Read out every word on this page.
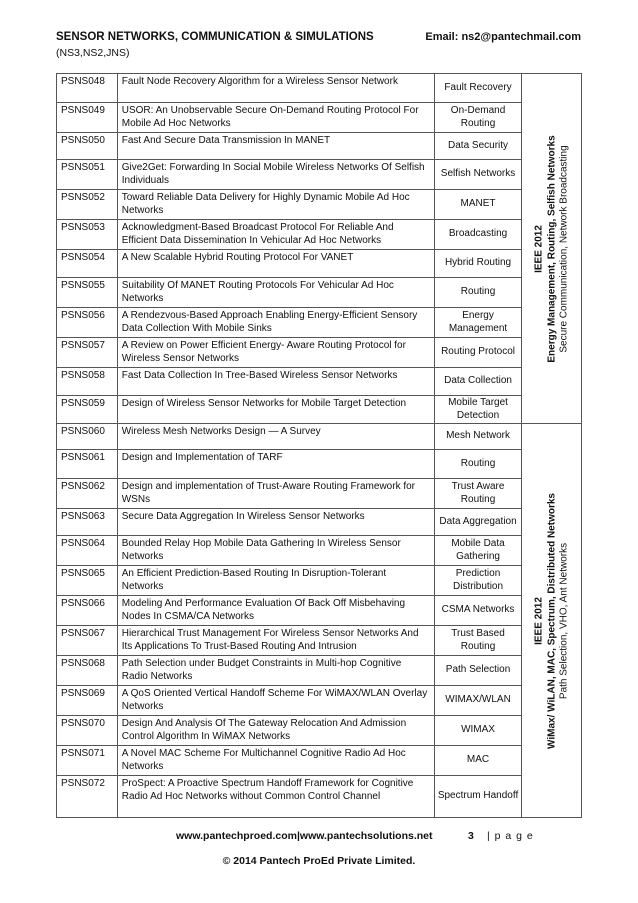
SENSOR NETWORKS, COMMUNICATION & SIMULATIONS	Email: ns2@pantechmail.com
(NS3,NS2,JNS)
PSNS048	Fault Node Recovery Algorithm for a Wireless Sensor Network	Fault Recovery	IEEE 2012 Energy Management, Routing, Selfish Networks Secure Communication, Network Broadcasting

PSNS049	USOR: An Unobservable Secure On-Demand Routing Protocol For Mobile Ad Hoc Networks	On-Demand Routing	
PSNS050	Fast And Secure Data Transmission In MANET	Data Security	
PSNS051	Give2Get: Forwarding In Social Mobile Wireless Networks Of Selfish Individuals	Selfish Networks	
PSNS052	Toward Reliable Data Delivery for Highly Dynamic Mobile Ad Hoc Networks	MANET	
PSNS053	Acknowledgment-Based Broadcast Protocol For Reliable And Efficient Data Dissemination In Vehicular Ad Hoc Networks	Broadcasting	
PSNS054	A New Scalable Hybrid Routing Protocol For VANET	Hybrid Routing	
PSNS055	Suitability Of MANET Routing Protocols For Vehicular Ad Hoc Networks	Routing	
PSNS056	A Rendezvous-Based Approach Enabling Energy-Efficient Sensory Data Collection With Mobile Sinks	Energy Management	
PSNS057	A Review on Power Efficient Energy- Aware Routing Protocol for Wireless Sensor Networks	Routing Protocol	
PSNS058	Fast Data Collection In Tree-Based Wireless Sensor Networks	Data Collection	
PSNS059	Design of Wireless Sensor Networks for Mobile Target Detection	Mobile Target Detection	
PSNS060	Wireless Mesh Networks Design — A Survey	Mesh Network	IEEE 2012 WiMax/ WiLAN, MAC, Spectrum, Distributed Networks Path Selection, VHO, Ant Networks

PSNS061	Design and Implementation of TARF	Routing	
PSNS062	Design and implementation of Trust-Aware Routing Framework for WSNs	Trust Aware Routing	
PSNS063	Secure Data Aggregation In Wireless Sensor Networks	Data Aggregation	
PSNS064	Bounded Relay Hop Mobile Data Gathering In Wireless Sensor Networks	Mobile Data Gathering	
PSNS065	An Efficient Prediction-Based Routing In Disruption-Tolerant Networks	Prediction Distribution	
PSNS066	Modeling And Performance Evaluation Of Back Off Misbehaving Nodes In CSMA/CA Networks	CSMA Networks	
PSNS067	Hierarchical Trust Management For Wireless Sensor Networks And Its Applications To Trust-Based Routing And Intrusion	Trust Based Routing	
PSNS068	Path Selection under Budget Constraints in Multi-hop Cognitive Radio Networks	Path Selection	
PSNS069	A QoS Oriented Vertical Handoff Scheme For WiMAX/WLAN Overlay Networks	WIMAX/WLAN	
PSNS070	Design And Analysis Of The Gateway Relocation And Admission Control Algorithm In WiMAX Networks	WIMAX	
PSNS071	A Novel MAC Scheme For Multichannel Cognitive Radio Ad Hoc Networks	MAC	
PSNS072	ProSpect: A Proactive Spectrum Handoff Framework for Cognitive Radio Ad Hoc Networks without Common Control Channel	Spectrum Handoff	
www.pantechproed.com|www.pantechsolutions.net	3 | p a g e
© 2014 Pantech ProEd Private Limited.
